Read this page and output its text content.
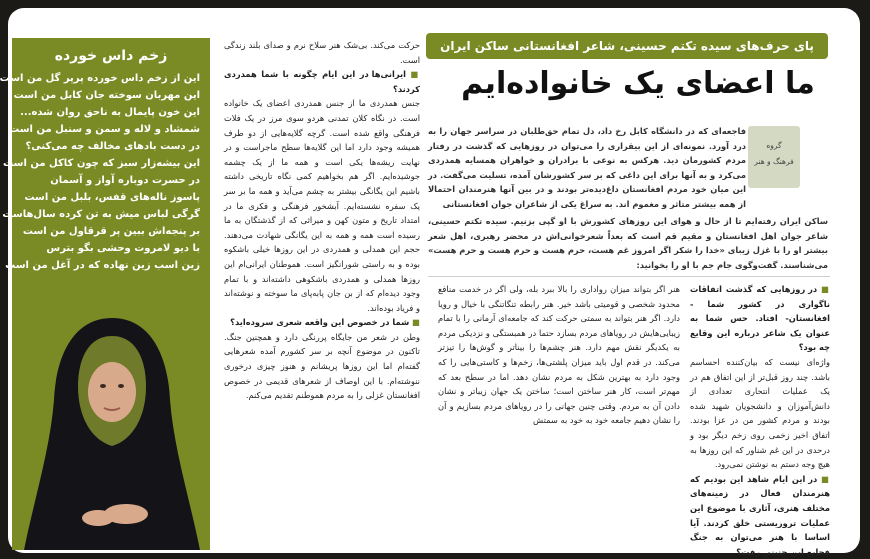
زخم داس خورده
این از زخم داس خورده پرپر گل من است
این مهربان سوخته جان کابل من است
این خون پایمال به ناحق روان شده...
شمشاد و لاله و سمن و سنبل من است
در دست بادهای مخالف چه می‌کنی؟
این بیشه‌زار سبز که چون کاکل من است
در حسرت دوباره آواز و آسمان
پاسوز ناله‌های قفس، بلبل من است
گرگی لباس میش به تن کرده سال‌هاست
بر پنجه‌اش ببین پر قرقاول من است
با دیو لامروت وحشی بگو بترس
زین اسب زین نهاده که در آغل من است
پای حرف‌های سیده تکتم حسینی، شاعر افغانستانی ساکن ایران
ما اعضای یک خانواده‌ایم
گروه
فرهنگ و هنر
فاجعه‌ای که در دانشگاه کابل رخ داد، دل تمام حق‌طلبان در سراسر جهان را به درد آورد. نمونه‌ای از این بیقراری را می‌توان در روزهایی که گذشت در رفتار مردم کشورمان دید. هرکس به نوعی با برادران و خواهران همسایه همدردی می‌کرد و به آنها برای این داغی که بر سر کشورشان آمده، تسلیت می‌گفت. در این میان خود مردم افغانستان داغ‌دیده‌تر بودند و در بین آنها هنرمندان احتمالا از همه بیشتر متاثر و مغموم اند. به سراغ یکی از شاعران جوان افغانستانی
ساکن ایران رفته‌ایم تا از حال و هوای این روزهای کشورش با او گپی بزنیم. سیده تکتم حسینی، شاعر جوان اهل افغانستان و مقیم قم است که بعداً شعرخوانی‌اش در محضر رهبری، اهل شعر بیشتر او را با غزل زیبای «خدا را شکر اگر امروز غم هست، حرم هست و حرم هست و حرم هست» می‌شناسند. گفت‌وگوی جام جم با او را بخوانید:

■ در روزهایی که گذشت اتفاقات ناگواری در کشور شما - افغانستان- افتاد. حس شما به عنوان یک شاعر درباره این وقایع چه بود؟

واژه‌ای نیست که بیان‌کننده احساسم باشد. چند روز قبل‌تر از این اتفاق هم در یک عملیات انتحاری تعدادی از دانش‌آموزان و دانشجویان شهید شده بودند و مردم کشور من در عزا بودند. اتفاق اخیر زخمی روی زخم دیگر بود و درحدی در این غم شناور که این روزها به هیچ وجه دستم به نوشتن نمی‌رود.

■ در این ایام شاهد این بودیم که هنرمندان فعال در زمینه‌های مختلف هنری، آثاری با موضوع این عملیات تروریستی خلق کردند. آیا اساسا با هنر می‌توان به جنگ فجایع این چنینی رفت؟

هنر اگر بتواند میزان رواداری را بالا ببرد بله، ولی اگر در خدمت منافع محدود شخصی و قومیتی باشد خیر. هنر رابطه تنگاتنگی با خیال و رویا دارد. اگر هنر بتواند به سمتی حرکت کند که جامعه‌ای آرمانی را با تمام زیبایی‌هایش در رویاهای مردم بسازد حتما در همبستگی و نزدیکی مردم به یکدیگر نقش مهم دارد. هنر چشم‌ها را بینا‌تر و گوش‌ها را تیزتر می‌کند. در قدم اول باید میزان پلشتی‌ها، زخم‌ها و کاستی‌هایی را که وجود دارد به بهترین شکل به مردم نشان دهد. اما در سطح بعد که مهم‌تر است، کار هنر ساختن است؛ ساختن یک جهان زیباتر و نشان دادن آن به مردم. وقتی چنین جهانی را در رویاهای مردم بسازیم و آن را نشان دهیم جامعه خود به خود به سمتش

حرکت می‌کند. بی‌شک هنر سلاح نرم و صدای بلند زندگی است.

■ ایرانی‌ها در این ایام چگونه با شما همدردی کردند؟

جنس همدردی ما از جنس همدردی اعضای یک خانواده است. در نگاه کلان تمدنی هردو سوی مرز در یک فلات فرهنگی واقع شده است. گرچه گلایه‌هایی از دو طرف همیشه وجود دارد اما این گلایه‌ها سطح ماجراست و در نهایت ریشه‌ها یکی است و همه ما از یک چشمه جوشیده‌ایم. اگر هم بخواهیم کمی نگاه تاریخی داشته باشیم این یگانگی بیشتر به چشم می‌آید و همه ما بر سر یک سفره نشسته‌ایم. آبشخور فرهنگی و فکری ما در امتداد تاریخ و متون کهن و میراثی که از گذشتگان به ما رسیده است همه و همه به این یگانگی شهادت می‌دهند. حجم این همدلی و همدردی در این روزها خیلی باشکوه بوده و به راستی شورانگیز است. همو‌طنان ایرانی‌ام این روزها همدلی و همدردی باشکوهی داشته‌اند و با تمام وجود دیده‌ام که از بن جان پابه‌پای ما سوخته و نوشته‌اند و فریاد بوده‌اند.

■ شما در خصوص این واقعه شعری سروده‌اید؟

وطن در شعر من جایگاه پررنگی دارد و همچنین جنگ. تاکنون در موضوع آنچه بر سر کشورم آمده شعرهایی گفته‌ام اما این روزها پریشانم و هنوز چیزی درخوری ننوشته‌ام. با این اوصاف از شعرهای قدیمی در خصوص افغانستان غزلی را به مردم هموطنم تقدیم می‌کنم.
